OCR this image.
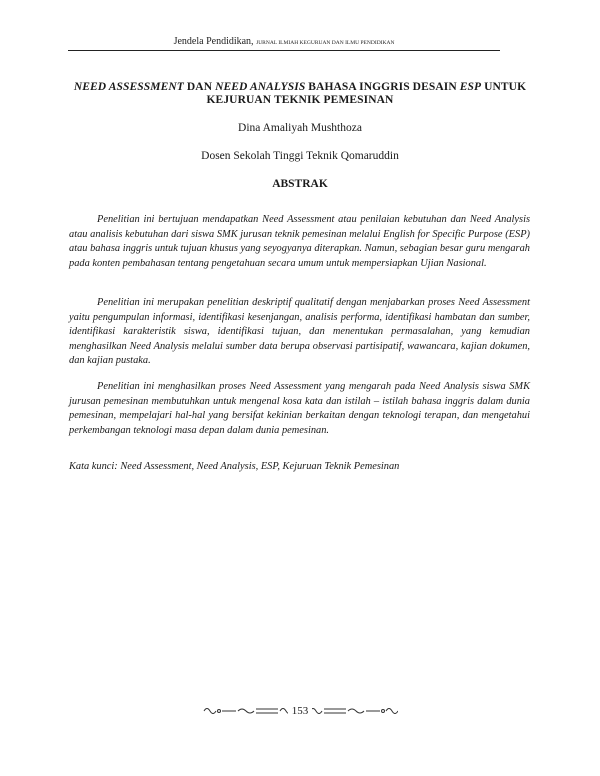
Jendela Pendidikan, JURNAL ILMIAH KEGURUAN DAN ILMU PENDIDIKAN
NEED ASSESSMENT DAN NEED ANALYSIS BAHASA INGGRIS DESAIN ESP UNTUK KEJURUAN TEKNIK PEMESINAN
Dina Amaliyah Mushthoza
Dosen Sekolah Tinggi Teknik Qomaruddin
ABSTRAK

Penelitian ini bertujuan mendapatkan Need Assessment atau penilaian kebutuhan dan Need Analysis atau analisis kebutuhan dari siswa SMK jurusan teknik pemesinan melalui English for Specific Purpose (ESP) atau bahasa inggris untuk tujuan khusus yang seyogyanya diterapkan. Namun, sebagian besar guru mengarah pada konten pembahasan tentang pengetahuan secara umum untuk mempersiapkan Ujian Nasional.

Penelitian ini merupakan penelitian deskriptif qualitatif dengan menjabarkan proses Need Assessment yaitu pengumpulan informasi, identifikasi kesenjangan, analisis performa, identifikasi hambatan dan sumber, identifikasi karakteristik siswa, identifikasi tujuan, dan menentukan permasalahan, yang kemudian menghasilkan Need Analysis melalui sumber data berupa observasi partisipatif, wawancara, kajian dokumen, dan kajian pustaka.

Penelitian ini menghasilkan proses Need Assessment yang mengarah pada Need Analysis siswa SMK jurusan pemesinan membutuhkan untuk mengenal kosa kata dan istilah – istilah bahasa inggris dalam dunia pemesinan, mempelajari hal-hal yang bersifat kekinian berkaitan dengan teknologi terapan, dan mengetahui perkembangan teknologi masa depan dalam dunia pemesinan.

Kata kunci: Need Assessment, Need Analysis, ESP, Kejuruan Teknik Pemesinan
153
